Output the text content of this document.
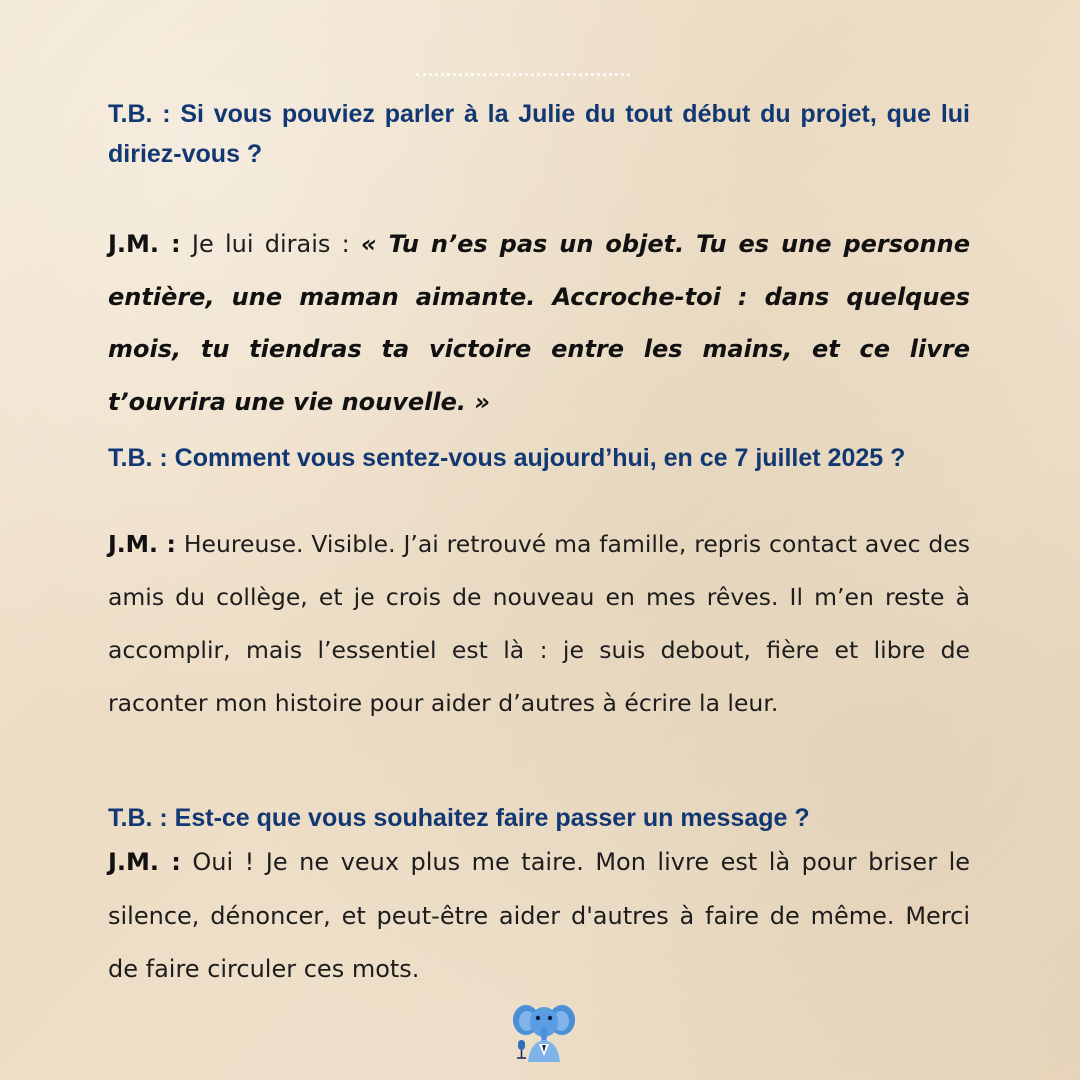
T.B. : Si vous pouviez parler à la Julie du tout début du projet, que lui diriez-vous ?

J.M. : Je lui dirais : « Tu n’es pas un objet. Tu es une personne entière, une maman aimante. Accroche-toi : dans quelques mois, tu tiendras ta victoire entre les mains, et ce livre t’ouvrira une vie nouvelle. »

T.B. : Comment vous sentez-vous aujourd’hui, en ce 7 juillet 2025 ?

J.M. : Heureuse. Visible. J’ai retrouvé ma famille, repris contact avec des amis du collège, et je crois de nouveau en mes rêves. Il m’en reste à accomplir, mais l’essentiel est là : je suis debout, fière et libre de raconter mon histoire pour aider d’autres à écrire la leur.

T.B. : Est-ce que vous souhaitez faire passer un message ?

J.M. : Oui ! Je ne veux plus me taire. Mon livre est là pour briser le silence, dénoncer, et peut-être aider d'autres à faire de même. Merci de faire circuler ces mots.
